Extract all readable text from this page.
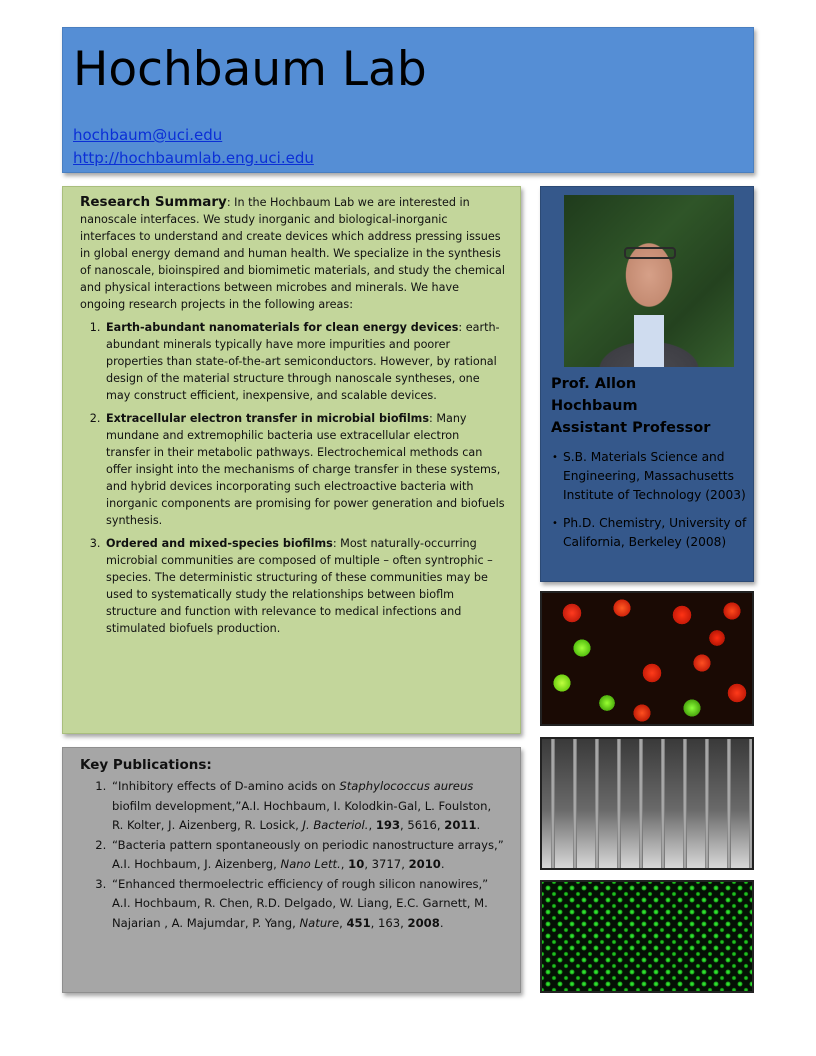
Hochbaum Lab
hochbaum@uci.edu
http://hochbaumlab.eng.uci.edu

Research Summary: In the Hochbaum Lab we are interested in nanoscale interfaces. We study inorganic and biological-inorganic interfaces to understand and create devices which address pressing issues in global energy demand and human health. We specialize in the synthesis of nanoscale, bioinspired and biomimetic materials, and study the chemical and physical interactions between microbes and minerals. We have ongoing research projects in the following areas:

1. Earth-abundant nanomaterials for clean energy devices: earth-abundant minerals typically have more impurities and poorer properties than state-of-the-art semiconductors. However, by rational design of the material structure through nanoscale syntheses, one may construct efficient, inexpensive, and scalable devices.
2. Extracellular electron transfer in microbial biofilms: Many mundane and extremophilic bacteria use extracellular electron transfer in their metabolic pathways. Electrochemical methods can offer insight into the mechanisms of charge transfer in these systems, and hybrid devices incorporating such electroactive bacteria with inorganic components are promising for power generation and biofuels synthesis.
3. Ordered and mixed-species biofilms: Most naturally-occurring microbial communities are composed of multiple – often syntrophic – species. The deterministic structuring of these communities may be used to systematically study the relationships between bioflm structure and function with relevance to medical infections and stimulated biofuels production.

Prof. Allon
Hochbaum
Assistant Professor

• S.B. Materials Science and Engineering, Massachusetts Institute of Technology (2003)
• Ph.D. Chemistry, University of California, Berkeley (2008)

Key Publications:

1. “Inhibitory effects of D-amino acids on Staphylococcus aureus biofilm development,”A.I. Hochbaum, I. Kolodkin-Gal, L. Foulston, R. Kolter, J. Aizenberg, R. Losick, J. Bacteriol., 193, 5616, 2011.
2. “Bacteria pattern spontaneously on periodic nanostructure arrays,” A.I. Hochbaum, J. Aizenberg, Nano Lett., 10, 3717, 2010.
3. “Enhanced thermoelectric efficiency of rough silicon nanowires,” A.I. Hochbaum, R. Chen, R.D. Delgado, W. Liang, E.C. Garnett, M. Najarian , A. Majumdar, P. Yang, Nature, 451, 163, 2008.
